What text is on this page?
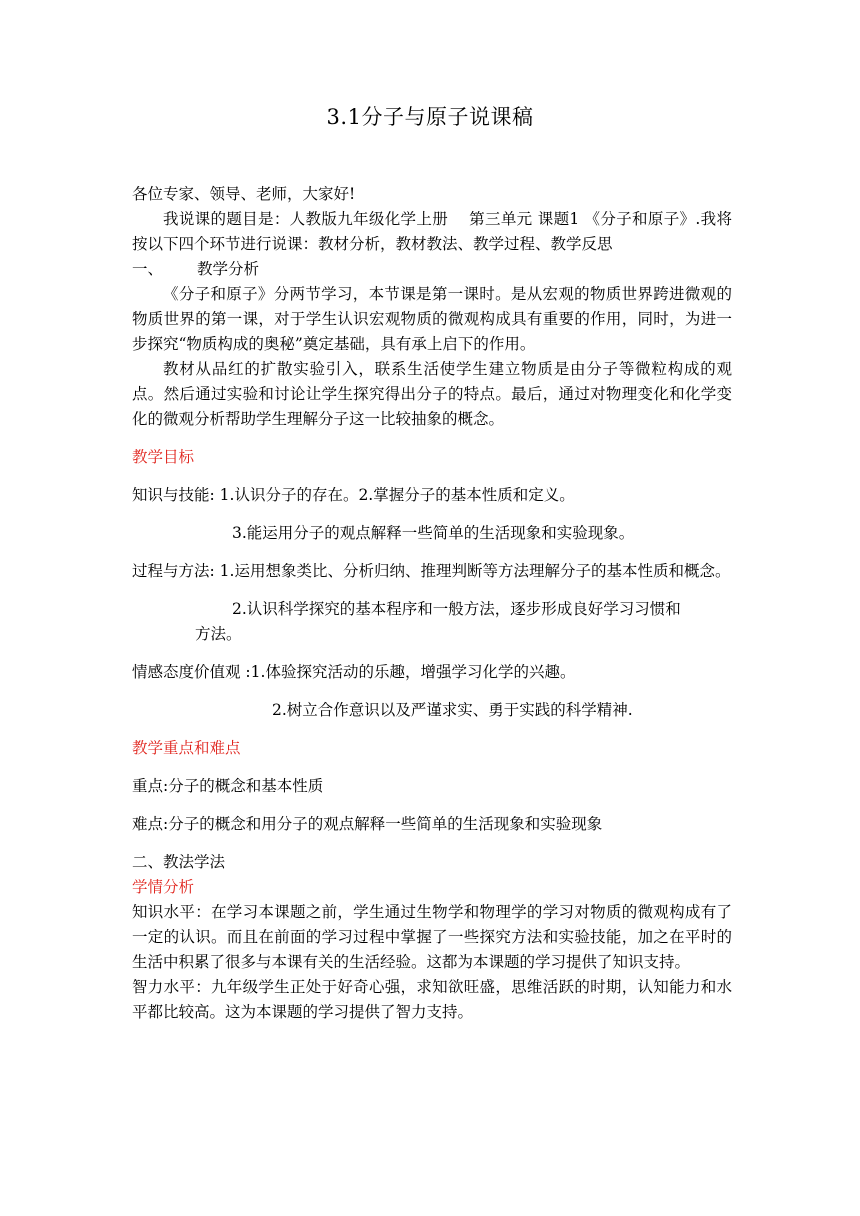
3.1分子与原子说课稿

各位专家、领导、老师，大家好!

我说课的题目是：人教版九年级化学上册　 第三单元 课题1 《分子和原子》.我将按以下四个环节进行说课：教材分析，教材教法、教学过程、教学反思

一、 教学分析

《分子和原子》分两节学习，本节课是第一课时。是从宏观的物质世界跨进微观的物质世界的第一课，对于学生认识宏观物质的微观构成具有重要的作用，同时，为进一步探究“物质构成的奥秘”奠定基础，具有承上启下的作用。

教材从品红的扩散实验引入，联系生活使学生建立物质是由分子等微粒构成的观点。然后通过实验和讨论让学生探究得出分子的特点。最后，通过对物理变化和化学变化的微观分析帮助学生理解分子这一比较抽象的概念。

教学目标

知识与技能: 1.认识分子的存在。2.掌握分子的基本性质和定义。

3.能运用分子的观点解释一些简单的生活现象和实验现象。

过程与方法: 1.运用想象类比、分析归纳、推理判断等方法理解分子的基本性质和概念。

2.认识科学探究的基本程序和一般方法，逐步形成良好学习习惯和

方法。

情感态度价值观 :1.体验探究活动的乐趣，增强学习化学的兴趣。

2.树立合作意识以及严谨求实、勇于实践的科学精神.

教学重点和难点

重点:分子的概念和基本性质

难点:分子的概念和用分子的观点解释一些简单的生活现象和实验现象

二、教法学法

学情分析

知识水平：在学习本课题之前，学生通过生物学和物理学的学习对物质的微观构成有了一定的认识。而且在前面的学习过程中掌握了一些探究方法和实验技能，加之在平时的生活中积累了很多与本课有关的生活经验。这都为本课题的学习提供了知识支持。

智力水平：九年级学生正处于好奇心强，求知欲旺盛，思维活跃的时期，认知能力和水平都比较高。这为本课题的学习提供了智力支持。
